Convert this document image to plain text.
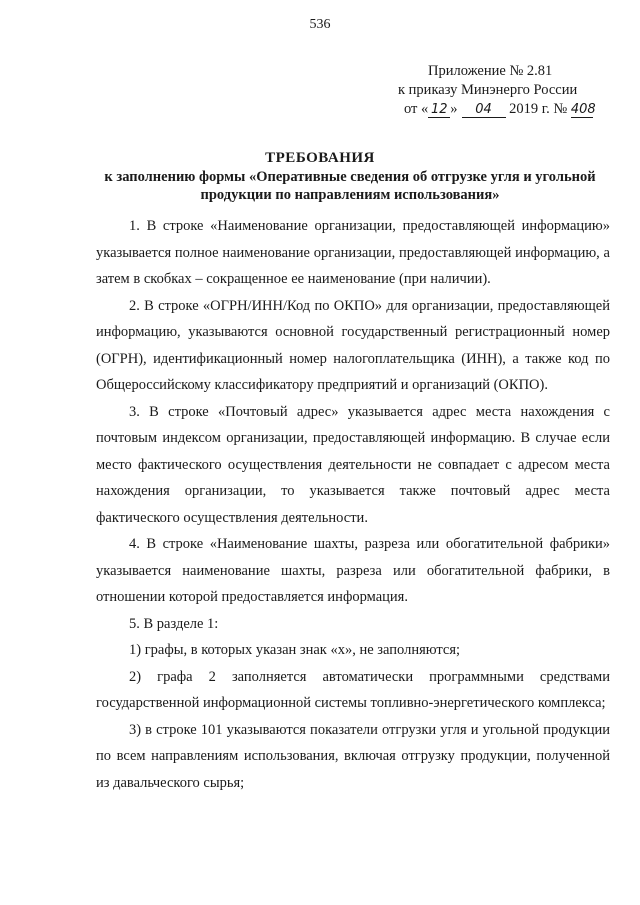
536
Приложение № 2.81
к приказу Минэнерго России
от « 12 » 04 2019 г. № 408
ТРЕБОВАНИЯ
к заполнению формы «Оперативные сведения об отгрузке угля и угольной продукции по направлениям использования»

1. В строке «Наименование организации, предоставляющей информацию» указывается полное наименование организации, предоставляющей информацию, а затем в скобках – сокращенное ее наименование (при наличии).

2. В строке «ОГРН/ИНН/Код по ОКПО» для организации, предоставляющей информацию, указываются основной государственный регистрационный номер (ОГРН), идентификационный номер налогоплательщика (ИНН), а также код по Общероссийскому классификатору предприятий и организаций (ОКПО).

3. В строке «Почтовый адрес» указывается адрес места нахождения с почтовым индексом организации, предоставляющей информацию. В случае если место фактического осуществления деятельности не совпадает с адресом места нахождения организации, то указывается также почтовый адрес места фактического осуществления деятельности.

4. В строке «Наименование шахты, разреза или обогатительной фабрики» указывается наименование шахты, разреза или обогатительной фабрики, в отношении которой предоставляется информация.

5. В разделе 1:

1) графы, в которых указан знак «х», не заполняются;

2) графа 2 заполняется автоматически программными средствами государственной информационной системы топливно-энергетического комплекса;

3) в строке 101 указываются показатели отгрузки угля и угольной продукции по всем направлениям использования, включая отгрузку продукции, полученной из давальческого сырья;
